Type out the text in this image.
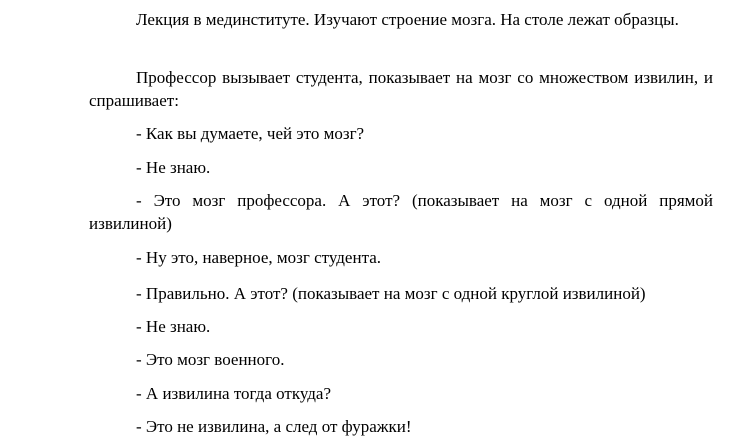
Лекция в мединституте. Изучают строение мозга. На столе лежат образцы.

Профессор вызывает студента, показывает на мозг со множеством извилин, и спрашивает:

- Как вы думаете, чей это мозг?

- Не знаю.

- Это мозг профессора. А этот? (показывает на мозг с одной прямой извилиной)

- Ну это, наверное, мозг студента.

- Правильно. А этот? (показывает на мозг с одной круглой извилиной)

- Не знаю.

- Это мозг военного.

- А извилина тогда откуда?

- Это не извилина, а след от фуражки!
